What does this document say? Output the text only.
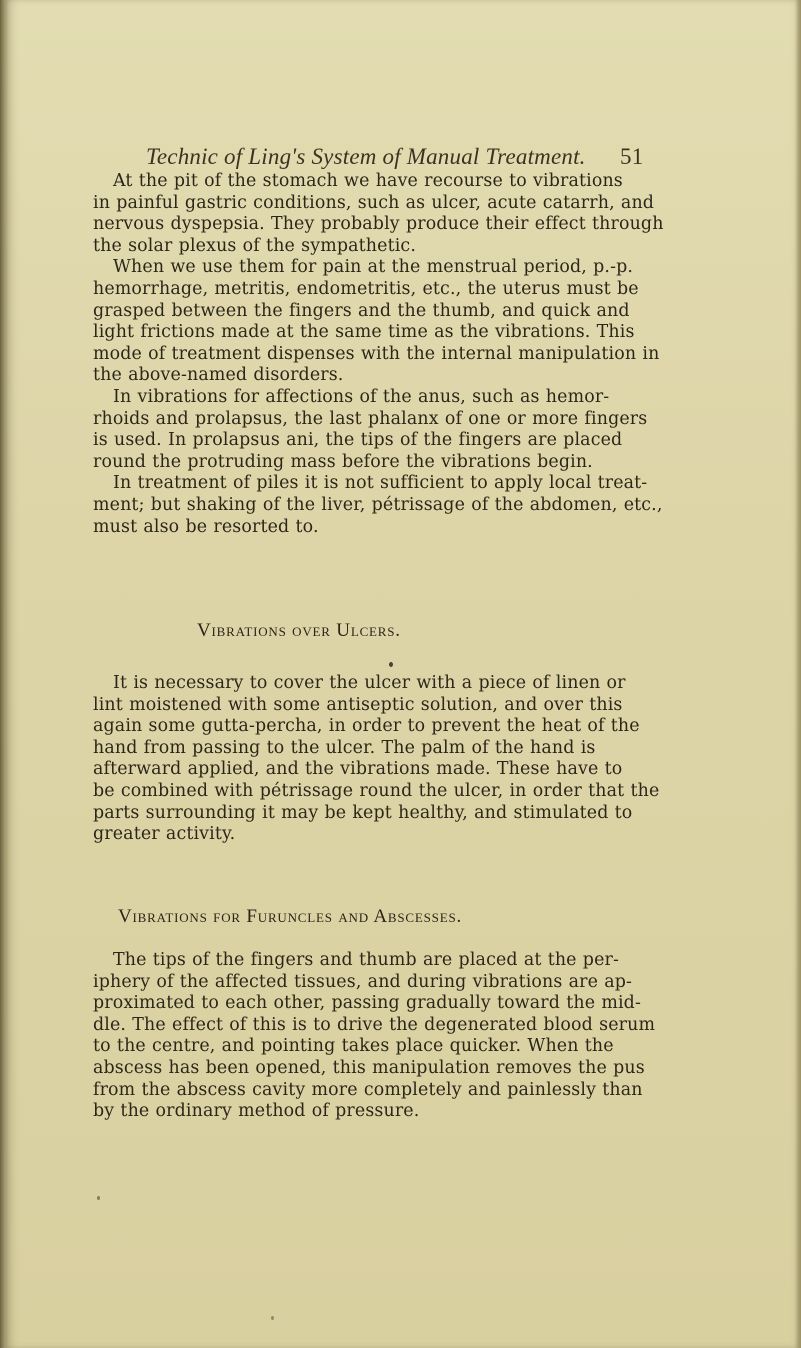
Technic of Ling's System of Manual Treatment. 51
At the pit of the stomach we have recourse to vibrations
in painful gastric conditions, such as ulcer, acute catarrh, and
nervous dyspepsia. They probably produce their effect through
the solar plexus of the sympathetic.
When we use them for pain at the menstrual period, p.-p.
hemorrhage, metritis, endometritis, etc., the uterus must be
grasped between the fingers and the thumb, and quick and
light frictions made at the same time as the vibrations. This
mode of treatment dispenses with the internal manipulation in
the above-named disorders.
In vibrations for affections of the anus, such as hemor-
rhoids and prolapsus, the last phalanx of one or more fingers
is used. In prolapsus ani, the tips of the fingers are placed
round the protruding mass before the vibrations begin.
In treatment of piles it is not sufficient to apply local treat-
ment; but shaking of the liver, pétrissage of the abdomen, etc.,
must also be resorted to.
Vibrations over Ulcers.
It is necessary to cover the ulcer with a piece of linen or
lint moistened with some antiseptic solution, and over this
again some gutta-percha, in order to prevent the heat of the
hand from passing to the ulcer. The palm of the hand is
afterward applied, and the vibrations made. These have to
be combined with pétrissage round the ulcer, in order that the
parts surrounding it may be kept healthy, and stimulated to
greater activity.
Vibrations for Furuncles and Abscesses.
The tips of the fingers and thumb are placed at the per-
iphery of the affected tissues, and during vibrations are ap-
proximated to each other, passing gradually toward the mid-
dle. The effect of this is to drive the degenerated blood serum
to the centre, and pointing takes place quicker. When the
abscess has been opened, this manipulation removes the pus
from the abscess cavity more completely and painlessly than
by the ordinary method of pressure.
